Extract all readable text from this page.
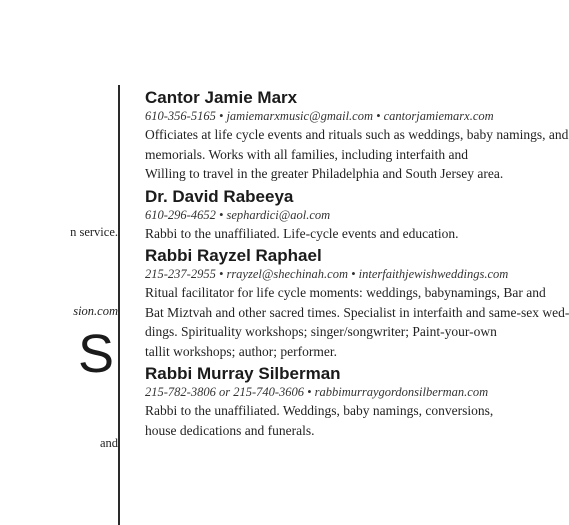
n service.
sion.com
S
and
Cantor Jamie Marx
610-356-5165 • jamiemarxmusic@gmail.com • cantorjamiemarx.com
Officiates at life cycle events and rituals such as weddings, baby namings, and
memorials. Works with all families, including interfaith and
Willing to travel in the greater Philadelphia and South Jersey area.
Dr. David Rabeeya
610-296-4652 • sephardici@aol.com
Rabbi to the unaffiliated. Life-cycle events and education.
Rabbi Rayzel Raphael
215-237-2955 • rrayzel@shechinah.com • interfaithjewishweddings.com
Ritual facilitator for life cycle moments: weddings, babynamings, Bar and
Bat Miztvah and other sacred times. Specialist in interfaith and same-sex wed-
dings. Spirituality workshops; singer/songwriter; Paint-your-own
tallit workshops; author; performer.
Rabbi Murray Silberman
215-782-3806 or 215-740-3606 • rabbimurraygordonsilberman.com
Rabbi to the unaffiliated. Weddings, baby namings, conversions,
house dedications and funerals.
